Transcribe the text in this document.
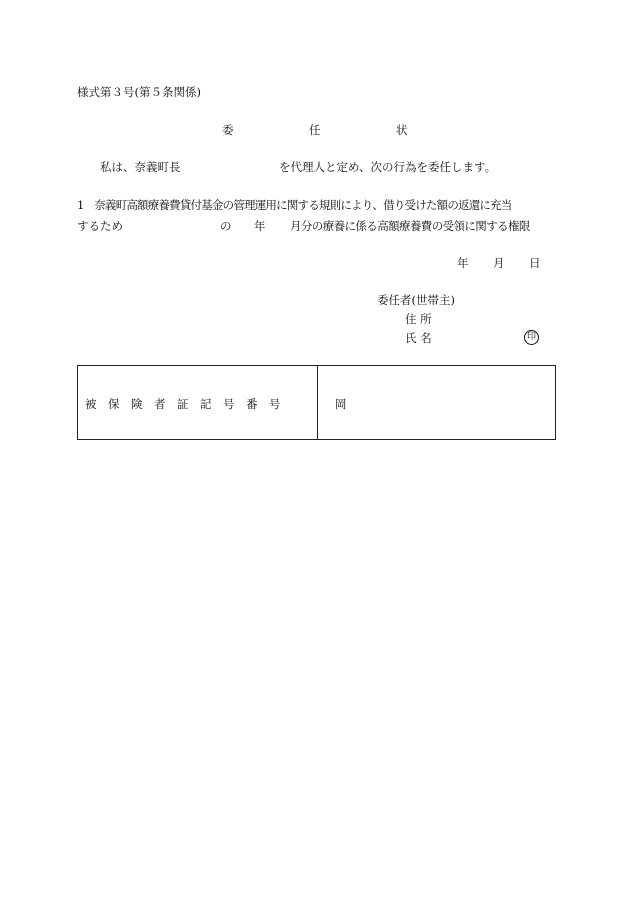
様式第３号(第５条関係)
委	任	状
私は、奈義町長	を代理人と定め、次の行為を委任します。
1　奈義町高額療養費貸付基金の管理運用に関する規則により、借り受けた額の返還に充当
するため	の 年 月分の療養に係る高額療養費の受領に関する権限
年 月 日
委任者(世帯主)
住 所
氏 名	印
被　保　険　者　証　記　号　番　号	岡
